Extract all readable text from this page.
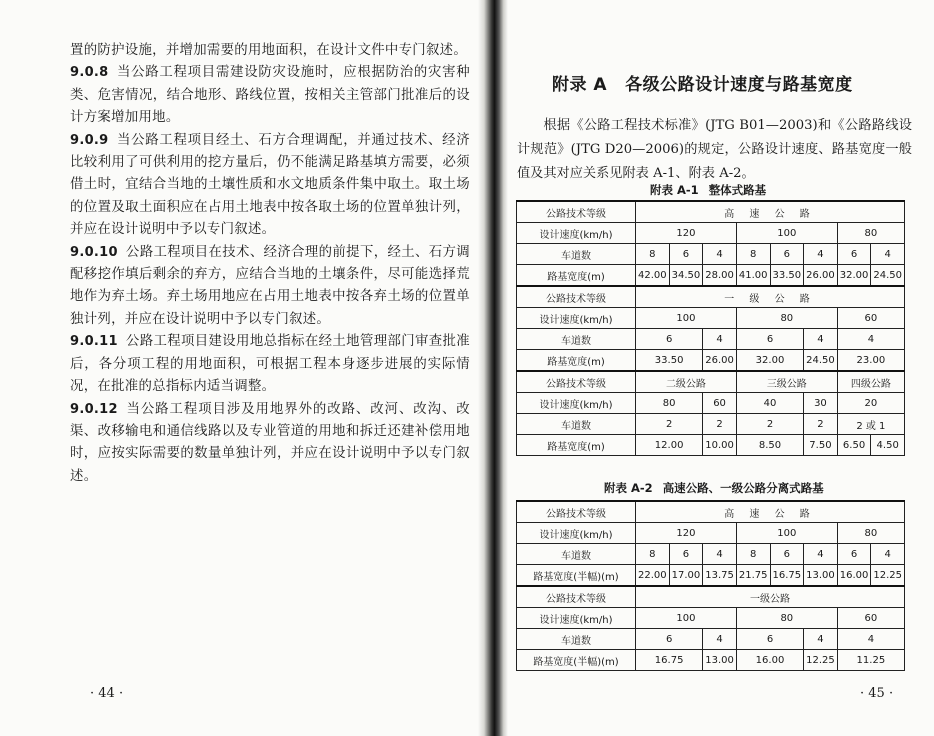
置的防护设施，并增加需要的用地面积，在设计文件中专门叙述。

9.0.8 当公路工程项目需建设防灾设施时，应根据防治的灾害种类、危害情况，结合地形、路线位置，按相关主管部门批准后的设计方案增加用地。

9.0.9 当公路工程项目经土、石方合理调配，并通过技术、经济比较利用了可供利用的挖方量后，仍不能满足路基填方需要，必须借土时，宜结合当地的土壤性质和水文地质条件集中取土。取土场的位置及取土面积应在占用土地表中按各取土场的位置单独计列，并应在设计说明中予以专门叙述。

9.0.10 公路工程项目在技术、经济合理的前提下，经土、石方调配移挖作填后剩余的弃方，应结合当地的土壤条件，尽可能选择荒地作为弃土场。弃土场用地应在占用土地表中按各弃土场的位置单独计列，并应在设计说明中予以专门叙述。

9.0.11 公路工程项目建设用地总指标在经土地管理部门审查批准后，各分项工程的用地面积，可根据工程本身逐步进展的实际情况，在批准的总指标内适当调整。

9.0.12 当公路工程项目涉及用地界外的改路、改河、改沟、改渠、改移输电和通信线路以及专业管道的用地和拆迁还建补偿用地时，应按实际需要的数量单独计列，并应在设计说明中予以专门叙述。

· 44 ·
附录 A 各级公路设计速度与路基宽度

根据《公路工程技术标准》(JTG B01—2003)和《公路路线设计规范》(JTG D20—2006)的规定，公路设计速度、路基宽度一般值及其对应关系见附表 A-1、附表 A-2。

附表 A-1 整体式路基
公路技术等级	高 速 公 路							
设计速度(km/h)	120			100			80	
车道数	8	6	4	8	6	4	6	4
路基宽度(m)	42.00	34.50	28.00	41.00	33.50	26.00	32.00	24.50
公路技术等级	一 级 公 路							
设计速度(km/h)	100			80			60	
车道数	6		4	6		4	4	
路基宽度(m)	33.50		26.00	32.00		24.50	23.00	
公路技术等级	二级公路			三级公路			四级公路	
设计速度(km/h)	80		60	40		30	20	
车道数	2		2	2		2	2 或 1	
路基宽度(m)	12.00		10.00	8.50		7.50	6.50	4.50
附表 A-2 高速公路、一级公路分离式路基
公路技术等级	高 速 公 路							
设计速度(km/h)	120			100			80	
车道数	8	6	4	8	6	4	6	4
路基宽度(半幅)(m)	22.00	17.00	13.75	21.75	16.75	13.00	16.00	12.25
公路技术等级	一级公路							
设计速度(km/h)	100			80			60	
车道数	6		4	6		4	4	
路基宽度(半幅)(m)	16.75		13.00	16.00		12.25	11.25	
· 45 ·
